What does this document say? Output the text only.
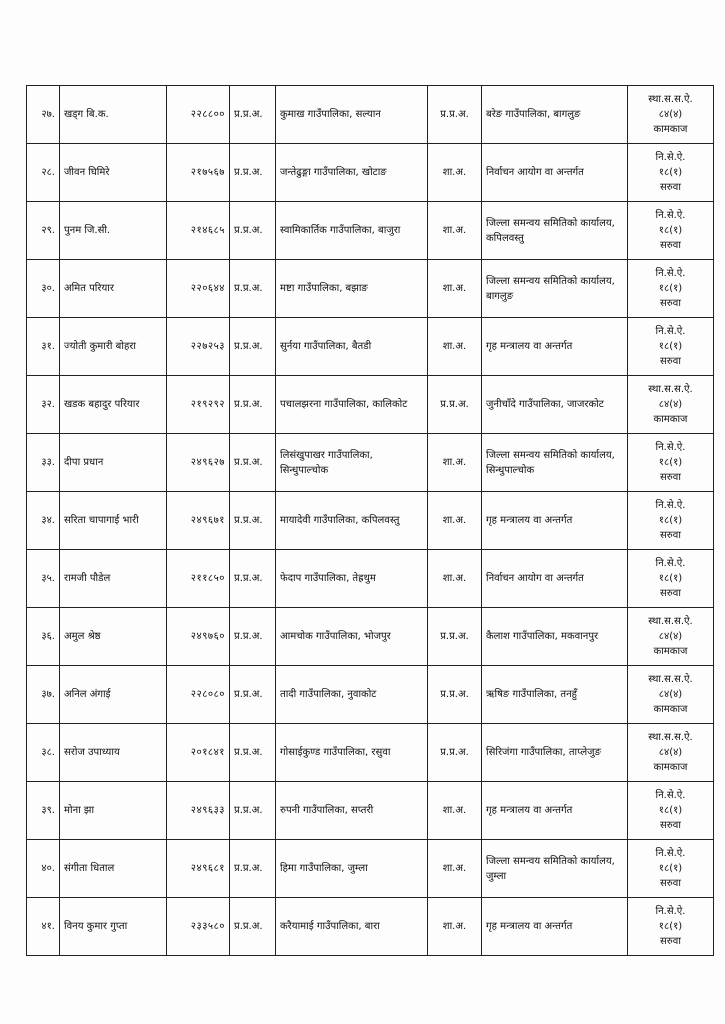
२७.	खड्ग बि.क.	२२८८००	प्र.प्र.अ.	कुमाख गाउँपालिका, सल्यान	प्र.प्र.अ.	बरेङ गाउँपालिका, बागलुङ	स्था.स.स.ऐ.
८४(४)
कामकाज

२८.	जीवन घिमिरे	२१७५६७	प्र.प्र.अ.	जन्तेढुङ्गा गाउँपालिका, खोटाङ	शा.अ.	निर्वाचन आयोग वा अन्तर्गत	नि.से.ऐ.
१८(१)
सरुवा

२९.	पुनम जि.सी.	२१४६८५	प्र.प्र.अ.	स्वामिकार्तिक गाउँपालिका, बाजुरा	शा.अ.	जिल्ला समन्वय समितिको कार्यालय, कपिलवस्तु	नि.से.ऐ.
१८(१)
सरुवा

३०.	अमित परियार	२२०६४४	प्र.प्र.अ.	मष्टा गाउँपालिका, बझाङ	शा.अ.	जिल्ला समन्वय समितिको कार्यालय, बागलुङ	नि.से.ऐ.
१८(१)
सरुवा

३१.	ज्योती कुमारी बोहरा	२२७२५३	प्र.प्र.अ.	सुर्नया गाउँपालिका, बैतडी	शा.अ.	गृह मन्त्रालय वा अन्तर्गत	नि.से.ऐ.
१८(१)
सरुवा

३२.	खडक बहादुर परियार	२१९२९२	प्र.प्र.अ.	पचालझरना गाउँपालिका, कालिकोट	प्र.प्र.अ.	जुनीचाँदे गाउँपालिका, जाजरकोट	स्था.स.स.ऐ.
८४(४)
कामकाज

३३.	दीपा प्रधान	२४९६२७	प्र.प्र.अ.	लिसंखुपाखर गाउँपालिका, सिन्धुपाल्चोक	शा.अ.	जिल्ला समन्वय समितिको कार्यालय, सिन्धुपाल्चोक	नि.से.ऐ.
१८(१)
सरुवा

३४.	सरिता चापागाई भारी	२४९६७१	प्र.प्र.अ.	मायादेवी गाउँपालिका, कपिलवस्तु	शा.अ.	गृह मन्त्रालय वा अन्तर्गत	नि.से.ऐ.
१८(१)
सरुवा

३५.	रामजी पौडेल	२११८५०	प्र.प्र.अ.	फेदाप गाउँपालिका, तेह्रथुम	शा.अ.	निर्वाचन आयोग वा अन्तर्गत	नि.से.ऐ.
१८(१)
सरुवा

३६.	अमुल श्रेष्ठ	२४९७६०	प्र.प्र.अ.	आमचोक गाउँपालिका, भोजपुर	प्र.प्र.अ.	कैलाश गाउँपालिका, मकवानपुर	स्था.स.स.ऐ.
८४(४)
कामकाज

३७.	अनिल अंगाई	२२८०८०	प्र.प्र.अ.	तादी गाउँपालिका, नुवाकोट	प्र.प्र.अ.	ऋषिङ गाउँपालिका, तनहुँ	स्था.स.स.ऐ.
८४(४)
कामकाज

३८.	सरोज उपाध्याय	२०१८४१	प्र.प्र.अ.	गोसाईकुण्ड गाउँपालिका, रसुवा	प्र.प्र.अ.	सिरिजंगा गाउँपालिका, ताप्लेजुङ	स्था.स.स.ऐ.
८४(४)
कामकाज

३९.	मोना झा	२४९६३३	प्र.प्र.अ.	रुपनी गाउँपालिका, सप्तरी	शा.अ.	गृह मन्त्रालय वा अन्तर्गत	नि.से.ऐ.
१८(१)
सरुवा

४०.	संगीता धिताल	२४९६८१	प्र.प्र.अ.	हिमा गाउँपालिका, जुम्ला	शा.अ.	जिल्ला समन्वय समितिको कार्यालय, जुम्ला	नि.से.ऐ.
१८(१)
सरुवा

४१.	विनय कुमार गुप्ता	२३३५८०	प्र.प्र.अ.	करैयामाई गाउँपालिका, बारा	शा.अ.	गृह मन्त्रालय वा अन्तर्गत	नि.से.ऐ.
१८(१)
सरुवा
